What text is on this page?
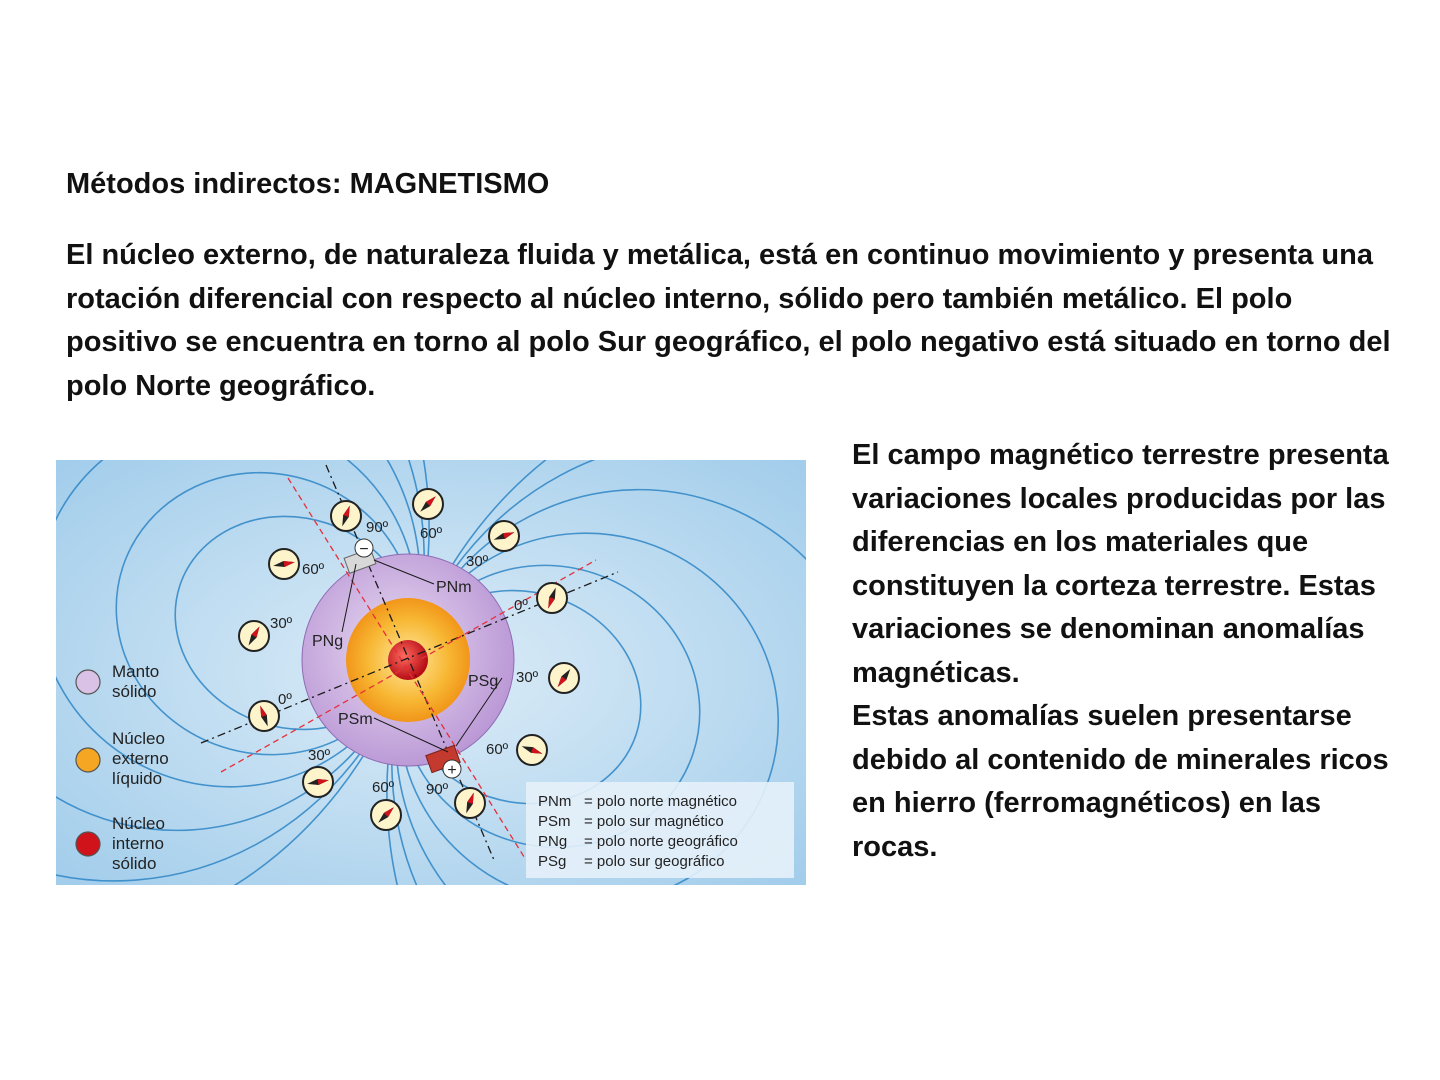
Métodos indirectos: MAGNETISMO
El núcleo externo, de naturaleza fluida y metálica, está en continuo movimiento y presenta una rotación diferencial con respecto al núcleo interno, sólido pero también metálico. El polo positivo se encuentra en torno al polo Sur geográfico, el polo negativo está situado en torno del polo Norte geográfico.
−
+
PNm
PNg
PSm
PSg
90º 60º
30º
0º
30º
60º
90º
60º
30º
0º
30º
60º
Manto
sólido
Núcleo
externo
líquido
Núcleo
interno
sólido
PNm = polo norte magnético
PSm = polo sur magnético
PNg = polo norte geográfico
PSg = polo sur geográfico

El campo magnético terrestre presenta variaciones locales producidas por las diferencias en los materiales que constituyen la corteza terrestre. Estas variaciones se denominan anomalías magnéticas.

Estas anomalías suelen presentarse debido al contenido de minerales ricos en hierro (ferromagnéticos) en las rocas.
